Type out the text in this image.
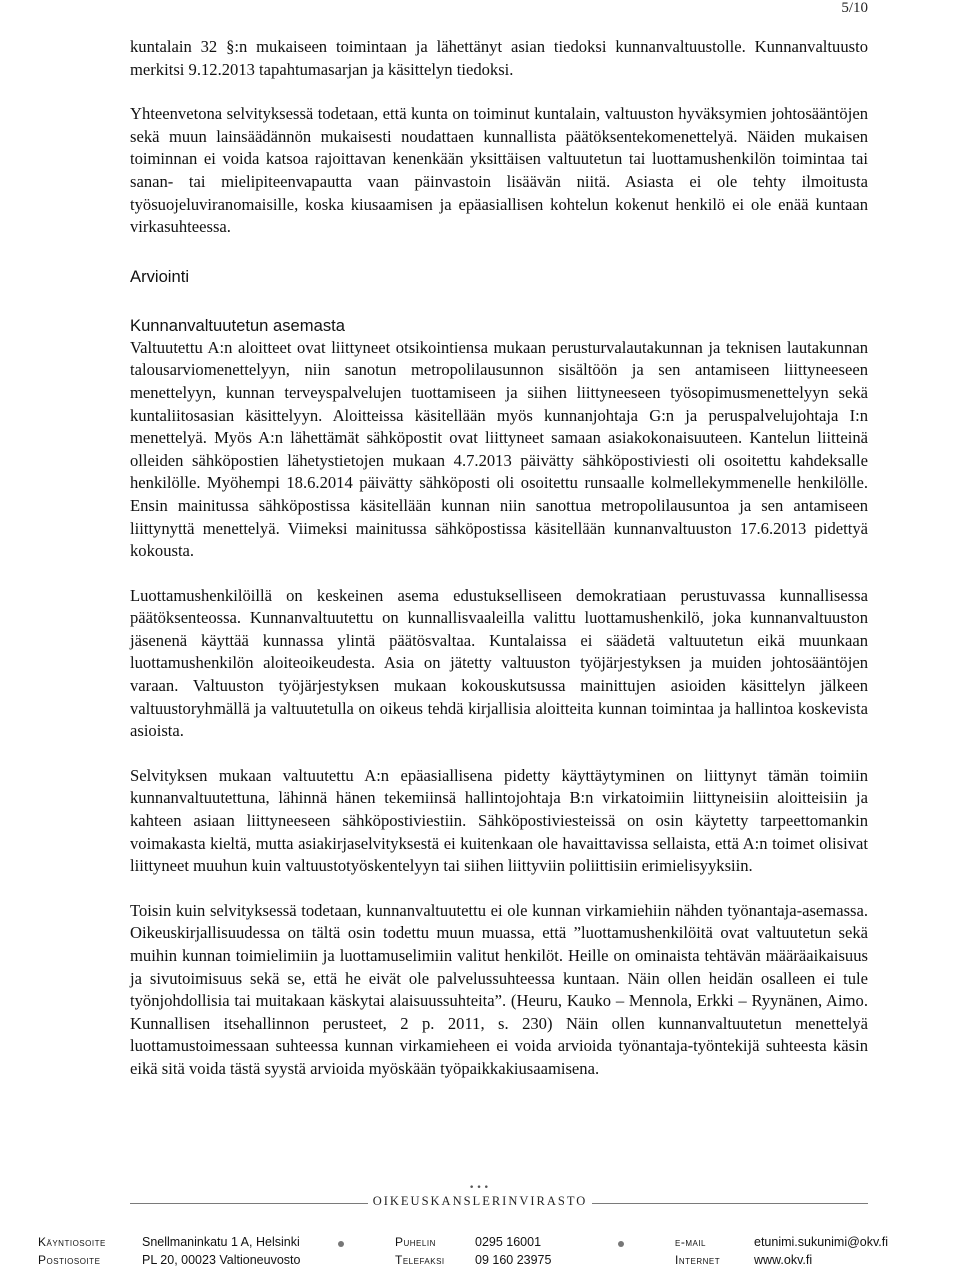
5/10

kuntalain 32 §:n mukaiseen toimintaan ja lähettänyt asian tiedoksi kunnanvaltuustolle. Kunnanvaltuusto merkitsi 9.12.2013 tapahtumasarjan ja käsittelyn tiedoksi.

Yhteenvetona selvityksessä todetaan, että kunta on toiminut kuntalain, valtuuston hyväksymien johtosääntöjen sekä muun lainsäädännön mukaisesti noudattaen kunnallista päätöksentekomenettelyä. Näiden mukaisen toiminnan ei voida katsoa rajoittavan kenenkään yksittäisen valtuutetun tai luottamushenkilön toimintaa tai sanan- tai mielipiteenvapautta vaan päinvastoin lisäävän niitä. Asiasta ei ole tehty ilmoitusta työsuojeluviranomaisille, koska kiusaamisen ja epäasiallisen kohtelun kokenut henkilö ei ole enää kuntaan virkasuhteessa.

Arviointi
Kunnanvaltuutetun asemasta

Valtuutettu A:n aloitteet ovat liittyneet otsikointiensa mukaan perusturvalautakunnan ja teknisen lautakunnan talousarviomenettelyyn, niin sanotun metropolilausunnon sisältöön ja sen antamiseen liittyneeseen menettelyyn, kunnan terveyspalvelujen tuottamiseen ja siihen liittyneeseen työsopimusmenettelyyn sekä kuntaliitosasian käsittelyyn. Aloitteissa käsitellään myös kunnanjohtaja G:n ja peruspalvelujohtaja I:n menettelyä. Myös A:n lähettämät sähköpostit ovat liittyneet samaan asiakokonaisuuteen. Kantelun liitteinä olleiden sähköpostien lähetystietojen mukaan 4.7.2013 päivätty sähköpostiviesti oli osoitettu kahdeksalle henkilölle. Myöhempi 18.6.2014 päivätty sähköposti oli osoitettu runsaalle kolmellekymmenelle henkilölle. Ensin mainitussa sähköpostissa käsitellään kunnan niin sanottua metropolilausuntoa ja sen antamiseen liittynyttä menettelyä. Viimeksi mainitussa sähköpostissa käsitellään kunnanvaltuuston 17.6.2013 pidettyä kokousta.

Luottamushenkilöillä on keskeinen asema edustukselliseen demokratiaan perustuvassa kunnallisessa päätöksenteossa. Kunnanvaltuutettu on kunnallisvaaleilla valittu luottamushenkilö, joka kunnanvaltuuston jäsenenä käyttää kunnassa ylintä päätösvaltaa. Kuntalaissa ei säädetä valtuutetun eikä muunkaan luottamushenkilön aloiteoikeudesta. Asia on jätetty valtuuston työjärjestyksen ja muiden johtosääntöjen varaan. Valtuuston työjärjestyksen mukaan kokouskutsussa mainittujen asioiden käsittelyn jälkeen valtuustoryhmällä ja valtuutetulla on oikeus tehdä kirjallisia aloitteita kunnan toimintaa ja hallintoa koskevista asioista.

Selvityksen mukaan valtuutettu A:n epäasiallisena pidetty käyttäytyminen on liittynyt tämän toimiin kunnanvaltuutettuna, lähinnä hänen tekemiinsä hallintojohtaja B:n virkatoimiin liittyneisiin aloitteisiin ja kahteen asiaan liittyneeseen sähköpostiviestiin. Sähköpostiviesteissä on osin käytetty tarpeettomankin voimakasta kieltä, mutta asiakirjaselvityksestä ei kuitenkaan ole havaittavissa sellaista, että A:n toimet olisivat liittyneet muuhun kuin valtuustotyöskentelyyn tai siihen liittyviin poliittisiin erimielisyyksiin.

Toisin kuin selvityksessä todetaan, kunnanvaltuutettu ei ole kunnan virkamiehiin nähden työnantaja-asemassa. Oikeuskirjallisuudessa on tältä osin todettu muun muassa, että ”luottamushenkilöitä ovat valtuutetun sekä muihin kunnan toimielimiin ja luottamuselimiin valitut henkilöt. Heille on ominaista tehtävän määräaikaisuus ja sivutoimisuus sekä se, että he eivät ole palvelussuhteessa kuntaan. Näin ollen heidän osalleen ei tule työnjohdollisia tai muitakaan käskytai alaisuussuhteita”. (Heuru, Kauko – Mennola, Erkki – Ryynänen, Aimo. Kunnallisen itsehallinnon perusteet, 2 p. 2011, s. 230) Näin ollen kunnanvaltuutetun menettelyä luottamustoimessaan suhteessa kunnan virkamieheen ei voida arvioida työnantaja-työntekijä suhteesta käsin eikä sitä voida tästä syystä arvioida myöskään työpaikkakiusaamisena.

•••
OIKEUSKANSLERINVIRASTO
Käyntiosoite	Snellmaninkatu 1 A, Helsinki	Puhelin	0295 16001	e-mail	etunimi.sukunimi@okv.fi
Postiosoite	PL 20, 00023 Valtioneuvosto	Telefaksi 09 160 23975	Internet	www.okv.fi
